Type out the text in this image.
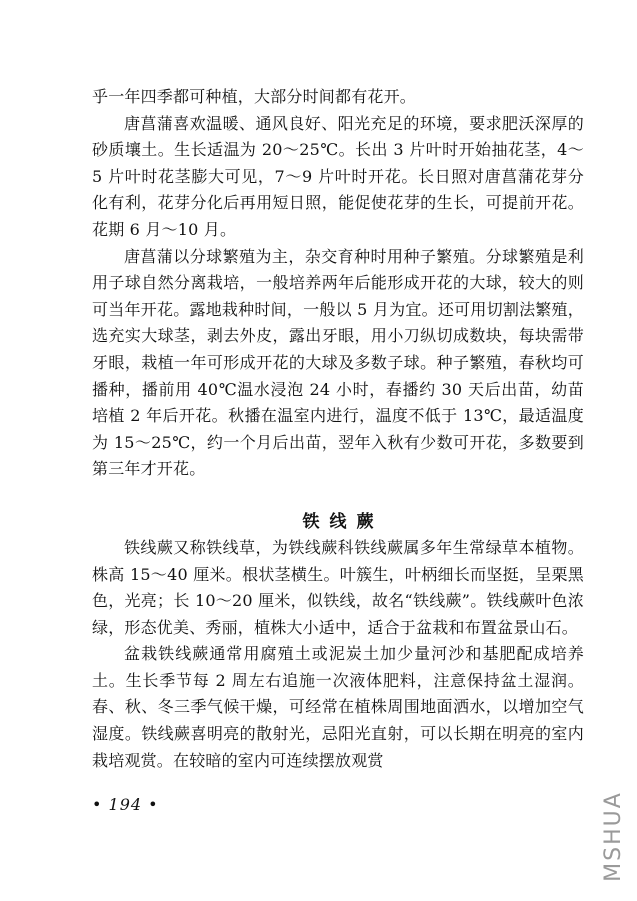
乎一年四季都可种植，大部分时间都有花开。

唐菖蒲喜欢温暖、通风良好、阳光充足的环境，要求肥沃深厚的砂质壤土。生长适温为 20～25℃。长出 3 片叶时开始抽花茎，4～5 片叶时花茎膨大可见，7～9 片叶时开花。长日照对唐菖蒲花芽分化有利，花芽分化后再用短日照，能促使花芽的生长，可提前开花。花期 6 月～10 月。

唐菖蒲以分球繁殖为主，杂交育种时用种子繁殖。分球繁殖是利用子球自然分离栽培，一般培养两年后能形成开花的大球，较大的则可当年开花。露地栽种时间，一般以 5 月为宜。还可用切割法繁殖，选充实大球茎，剥去外皮，露出牙眼，用小刀纵切成数块，每块需带牙眼，栽植一年可形成开花的大球及多数子球。种子繁殖，春秋均可播种，播前用 40℃温水浸泡 24 小时，春播约 30 天后出苗，幼苗培植 2 年后开花。秋播在温室内进行，温度不低于 13℃，最适温度为 15～25℃，约一个月后出苗，翌年入秋有少数可开花，多数要到第三年才开花。

铁线蕨

铁线蕨又称铁线草，为铁线蕨科铁线蕨属多年生常绿草本植物。株高 15～40 厘米。根状茎横生。叶簇生，叶柄细长而坚挺，呈栗黑色，光亮；长 10～20 厘米，似铁线，故名“铁线蕨”。铁线蕨叶色浓绿，形态优美、秀丽，植株大小适中，适合于盆栽和布置盆景山石。

盆栽铁线蕨通常用腐殖土或泥炭土加少量河沙和基肥配成培养土。生长季节每 2 周左右追施一次液体肥料，注意保持盆土湿润。春、秋、冬三季气候干燥，可经常在植株周围地面洒水，以增加空气湿度。铁线蕨喜明亮的散射光，忌阳光直射，可以长期在明亮的室内栽培观赏。在较暗的室内可连续摆放观赏

• 194 •	MSHUA
